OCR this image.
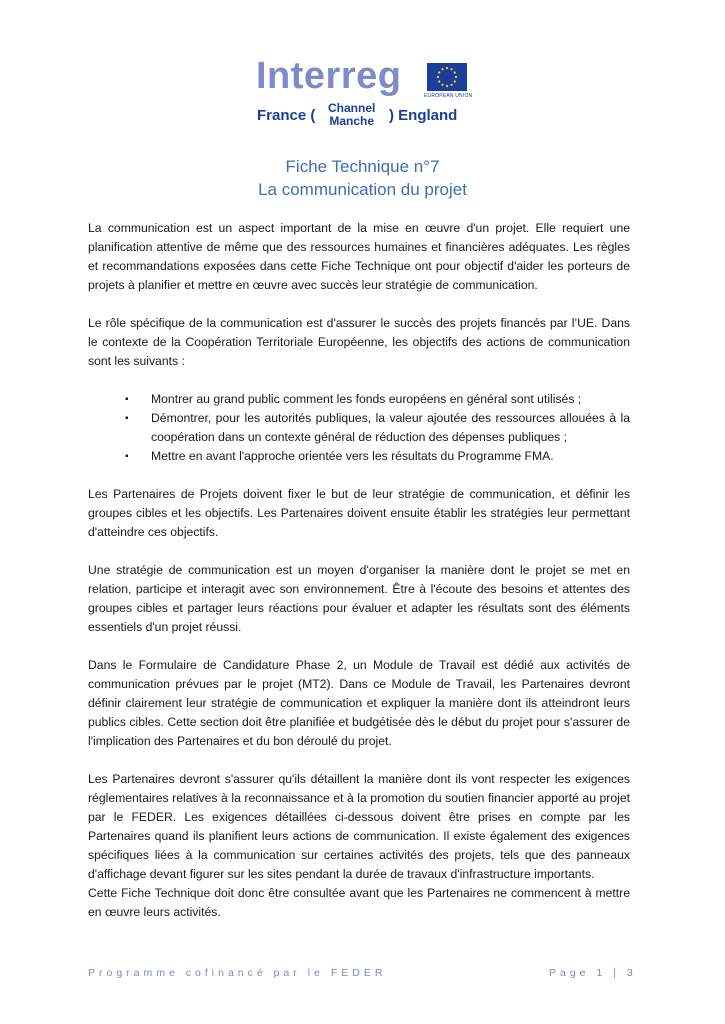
Interreg	EUROPEAN UNION
France ( Channel
Manche ) England
Fiche Technique n°7
La communication du projet

La communication est un aspect important de la mise en œuvre d'un projet. Elle requiert une planification attentive de même que des ressources humaines et financières adéquates. Les règles et recommandations exposées dans cette Fiche Technique ont pour objectif d'aider les porteurs de projets à planifier et mettre en œuvre avec succès leur stratégie de communication.

Le rôle spécifique de la communication est d'assurer le succès des projets financés par l’UE. Dans le contexte de la Coopération Territoriale Européenne, les objectifs des actions de communication sont les suivants :

▪ Montrer au grand public comment les fonds européens en général sont utilisés ;
▪ Démontrer, pour les autorités publiques, la valeur ajoutée des ressources allouées à la coopération dans un contexte général de réduction des dépenses publiques ;
▪ Mettre en avant l'approche orientée vers les résultats du Programme FMA.

Les Partenaires de Projets doivent fixer le but de leur stratégie de communication, et définir les groupes cibles et les objectifs. Les Partenaires doivent ensuite établir les stratégies leur permettant d'atteindre ces objectifs.

Une stratégie de communication est un moyen d'organiser la manière dont le projet se met en relation, participe et interagit avec son environnement. Être à l'écoute des besoins et attentes des groupes cibles et partager leurs réactions pour évaluer et adapter les résultats sont des éléments essentiels d'un projet réussi.

Dans le Formulaire de Candidature Phase 2, un Module de Travail est dédié aux activités de communication prévues par le projet (MT2). Dans ce Module de Travail, les Partenaires devront définir clairement leur stratégie de communication et expliquer la manière dont ils atteindront leurs publics cibles. Cette section doit être planifiée et budgétisée dès le début du projet pour s'assurer de l'implication des Partenaires et du bon déroulé du projet.

Les Partenaires devront s'assurer qu'ils détaillent la manière dont ils vont respecter les exigences réglementaires relatives à la reconnaissance et à la promotion du soutien financier apporté au projet par le FEDER. Les exigences détaillées ci-dessous doivent être prises en compte par les Partenaires quand ils planifient leurs actions de communication. Il existe également des exigences spécifiques liées à la communication sur certaines activités des projets, tels que des panneaux d'affichage devant figurer sur les sites pendant la durée de travaux d'infrastructure importants.

Cette Fiche Technique doit donc être consultée avant que les Partenaires ne commencent à mettre en œuvre leurs activités.

Programme cofinancé par le FEDER	Page 1 | 3
